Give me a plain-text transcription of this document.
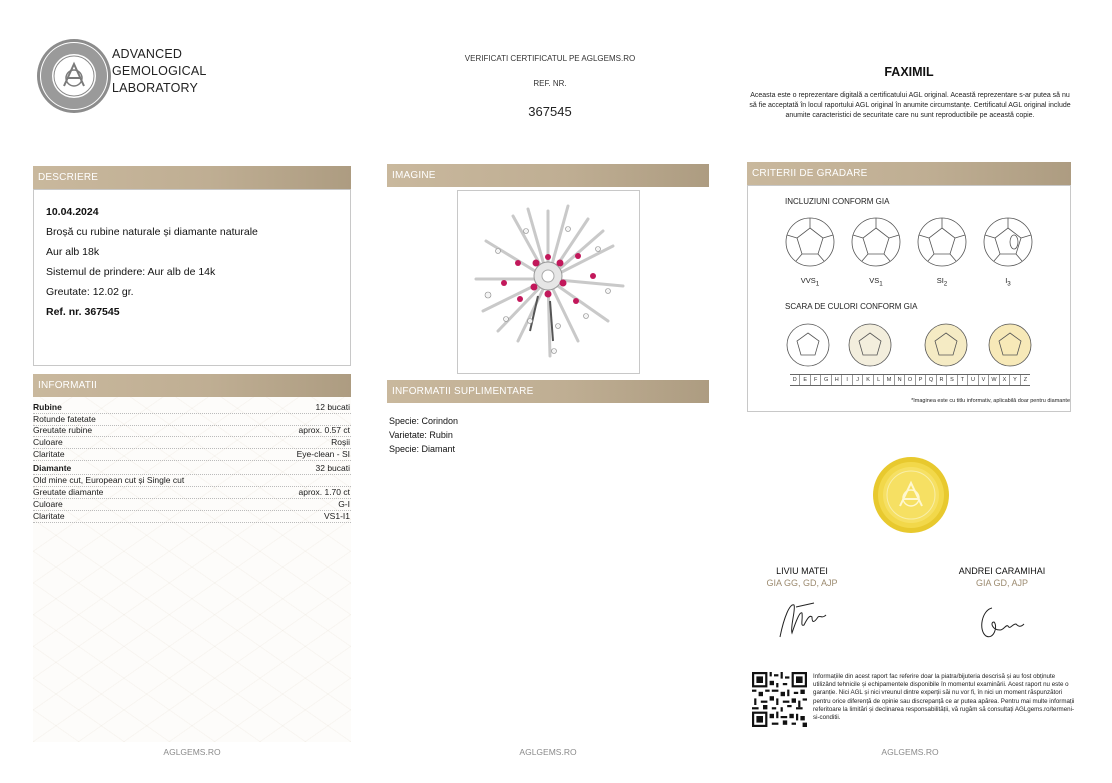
ADVANCED
GEMOLOGICAL
LABORATORY
VERIFICATI CERTIFICATUL PE AGLGEMS.RO
REF. NR.
367545
FAXIMIL
Aceasta este o reprezentare digitală a certificatului AGL original. Această reprezentare s-ar putea să nu să fie acceptată în locul raportului AGL original în anumite circumstanțe. Certificatul AGL original include anumite caracteristici de securitate care nu sunt reproductibile pe această copie.
DESCRIERE
10.04.2024
Broșă cu rubine naturale și diamante naturale
Aur alb 18k
Sistemul de prindere: Aur alb de 14k
Greutate: 12.02 gr.
Ref. nr. 367545
INFORMATII
Rubine	12 bucati
Rotunde fatetate
Greutate rubine	aprox. 0.57 ct
Culoare	Roșii
Claritate	Eye-clean - SI
Diamante	32 bucati
Old mine cut, European cut și Single cut
Greutate diamante	aprox. 1.70 ct
Culoare	G-I
Claritate	VS1-I1
IMAGINE
INFORMATII SUPLIMENTARE
Specie: Corindon
Varietate: Rubin
Specie: Diamant
CRITERII DE GRADARE
INCLUZIUNI CONFORM GIA
$VVS_1$	$VS_1$	$SI_2$	$I_3$
SCARA DE CULORI CONFORM GIA
D	E	F	G	H	I	J	K	L	M	N	O	P	Q	R	S	T	U	V	W	X	Y	Z
*Imaginea este cu titlu informativ, aplicabilă doar pentru diamante
LIVIU MATEI
GIA GG, GD, AJP
ANDREI CARAMIHAI
GIA GD, AJP
Informațiile din acest raport fac referire doar la piatra/bijuteria descrisă și au fost obținute utilizând tehnicile și echipamentele disponibile în momentul examinării. Acest raport nu este o garanție. Nici AGL și nici vreunul dintre experții săi nu vor fi, în nici un moment răspunzători pentru orice diferență de opinie sau discrepanță ce ar putea apărea. Pentru mai multe informații referitoare la limitări și declinarea responsabilității, vă rugăm să consultați AGLgems.ro/termeni-si-conditii.
AGLGEMS.RO	AGLGEMS.RO	AGLGEMS.RO
